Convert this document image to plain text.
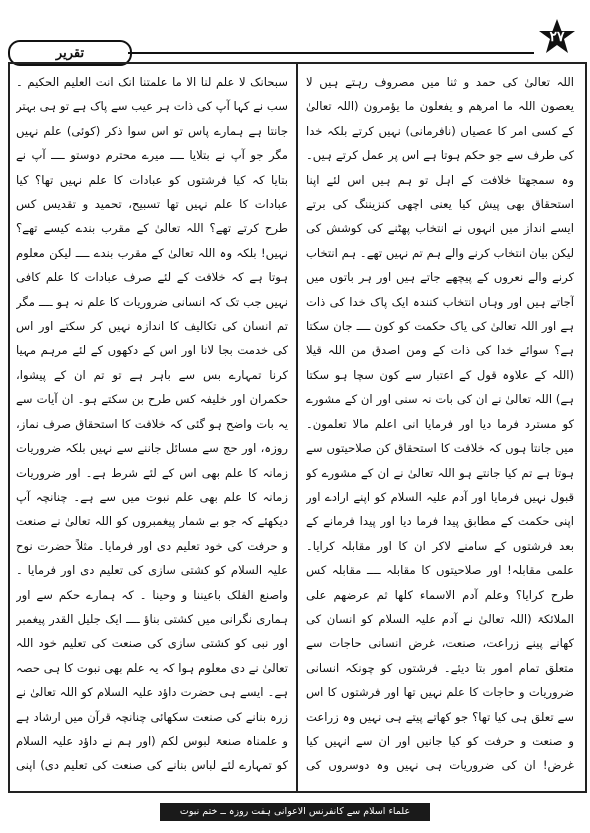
تقریر
۲۷

اللہ تعالیٰ کی حمد و ثنا میں مصروف رہتے ہیں لا یعصون اللہ ما امرھم و یفعلون ما یؤمرون (اللہ تعالیٰ کے کسی امر کا عصیاں (نافرمانی) نہیں کرتے بلکہ خدا کی طرف سے جو حکم ہوتا ہے اس پر عمل کرتے ہیں۔ وہ سمجھتا خلافت کے اہل تو ہم ہیں اس لئے اپنا استحقاق بھی پیش کیا یعنی اچھی کنزیننگ کی برتے ایسے انداز میں انہوں نے انتخاب پھٹنے کی کوشش کی لیکن بیان انتخاب کرنے والے ہم تم نہیں تھے۔ ہم انتخاب کرنے والے نعروں کے پیچھے جاتے ہیں اور ہر باتوں میں آجاتے ہیں اور وہاں انتخاب کنندہ ایک پاک خدا کی ذات ہے اور اللہ تعالیٰ کی یاک حکمت کو کون ــــ جان سکتا ہے؟ سوائے خدا کی ذات کے ومن اصدق من اللہ قیلا (اللہ کے علاوہ قول کے اعتبار سے کون سچا ہو سکتا ہے) اللہ تعالیٰ نے ان کی بات نہ سنی اور ان کے مشورے کو مسترد فرما دیا اور فرمایا انی اعلم مالا تعلمون۔ میں جانتا ہوں کہ خلافت کا استحقاق کن صلاحیتوں سے ہوتا ہے تم کیا جانتے ہو اللہ تعالیٰ نے ان کے مشورے کو قبول نہیں فرمایا اور آدم علیہ السلام کو اپنے ارادے اور اپنی حکمت کے مطابق پیدا فرما دیا اور پیدا فرمانے کے بعد فرشتوں کے سامنے لاکر ان کا اور مقابلہ کرایا۔ علمی مقابلہ! اور صلاحیتوں کا مقابلہ ــــ مقابلہ کس طرح کرایا؟ وعلم آدم الاسماء کلھا ثم عرضھم علی الملائکۃ (اللہ تعالیٰ نے آدم علیہ السلام کو انسان کی کھانے پینے زراعت، صنعت، غرض انسانی حاجات سے متعلق تمام امور بتا دیئے۔ فرشتوں کو چونکہ انسانی ضروریات و حاجات کا علم نہیں تھا اور فرشتوں کا اس سے تعلق ہی کیا تھا؟ جو کھاتے پیتے ہی نہیں وہ زراعت و صنعت و حرفت کو کیا جانیں اور ان سے انہیں کیا غرض! ان کی ضروریات ہی نہیں وہ دوسروں کی

سبحانک لا علم لنا الا ما علمتنا انک انت العلیم الحکیم ۔ سب نے کہا آپ کی ذات ہر عیب سے پاک ہے تو ہی بہتر جانتا ہے ہمارے پاس تو اس سوا ذکر (کوئی) علم نہیں مگر جو آپ نے بتلایا ــــ میرے محترم دوستو ــــ آپ نے بتایا کہ کیا فرشتوں کو عبادات کا علم نہیں تھا؟ کیا عبادات کا علم نہیں تھا تسبیح، تحمید و تقدیس کس طرح کرتے تھے؟ اللہ تعالیٰ کے مقرب بندے کیسے تھے؟ نہیں! بلکہ وہ اللہ تعالیٰ کے مقرب بندے ــــ لیکن معلوم ہوتا ہے کہ خلافت کے لئے صرف عبادات کا علم کافی نہیں جب تک کہ انسانی ضروریات کا علم نہ ہو ــــ مگر تم انسان کی تکالیف کا اندازہ نہیں کر سکتے اور اس کی خدمت بجا لانا اور اس کے دکھوں کے لئے مرہم مہیا کرنا تمہارے بس سے باہر ہے تو تم ان کے پیشوا، حکمران اور خلیفہ کس طرح بن سکتے ہو۔ ان آیات سے یہ بات واضح ہو گئی کہ خلافت کا استحقاق صرف نماز، روزہ، اور حج سے مسائل جاننے سے نہیں بلکہ ضروریات زمانہ کا علم بھی اس کے لئے شرط ہے۔ اور ضروریات زمانہ کا علم بھی علم نبوت میں سے ہے۔ چنانچہ آپ دیکھئے کہ جو بے شمار پیغمبروں کو اللہ تعالیٰ نے صنعت و حرفت کی خود تعلیم دی اور فرمایا۔ مثلاً حضرت نوح علیہ السلام کو کشتی سازی کی تعلیم دی اور فرمایا ۔ واصنع الفلک باعیننا و وحینا ۔ کہ ہمارے حکم سے اور ہماری نگرانی میں کشتی بناؤ ــــ ایک جلیل القدر پیغمبر اور نبی کو کشتی سازی کی صنعت کی تعلیم خود اللہ تعالیٰ نے دی معلوم ہوا کہ یہ علم بھی نبوت کا ہی حصہ ہے۔ ایسے ہی حضرت داؤد علیہ السلام کو اللہ تعالیٰ نے زرہ بنانے کی صنعت سکھائی چنانچہ قرآن میں ارشاد ہے و علمناہ صنعۃ لبوس لکم (اور ہم نے داؤد علیہ السلام کو تمہارے لئے لباس بنانے کی صنعت کی تعلیم دی) اپنی

علماء اسلام سے کانفرنس الاعوانی ہفت روزہ ــ ختم نبوت
